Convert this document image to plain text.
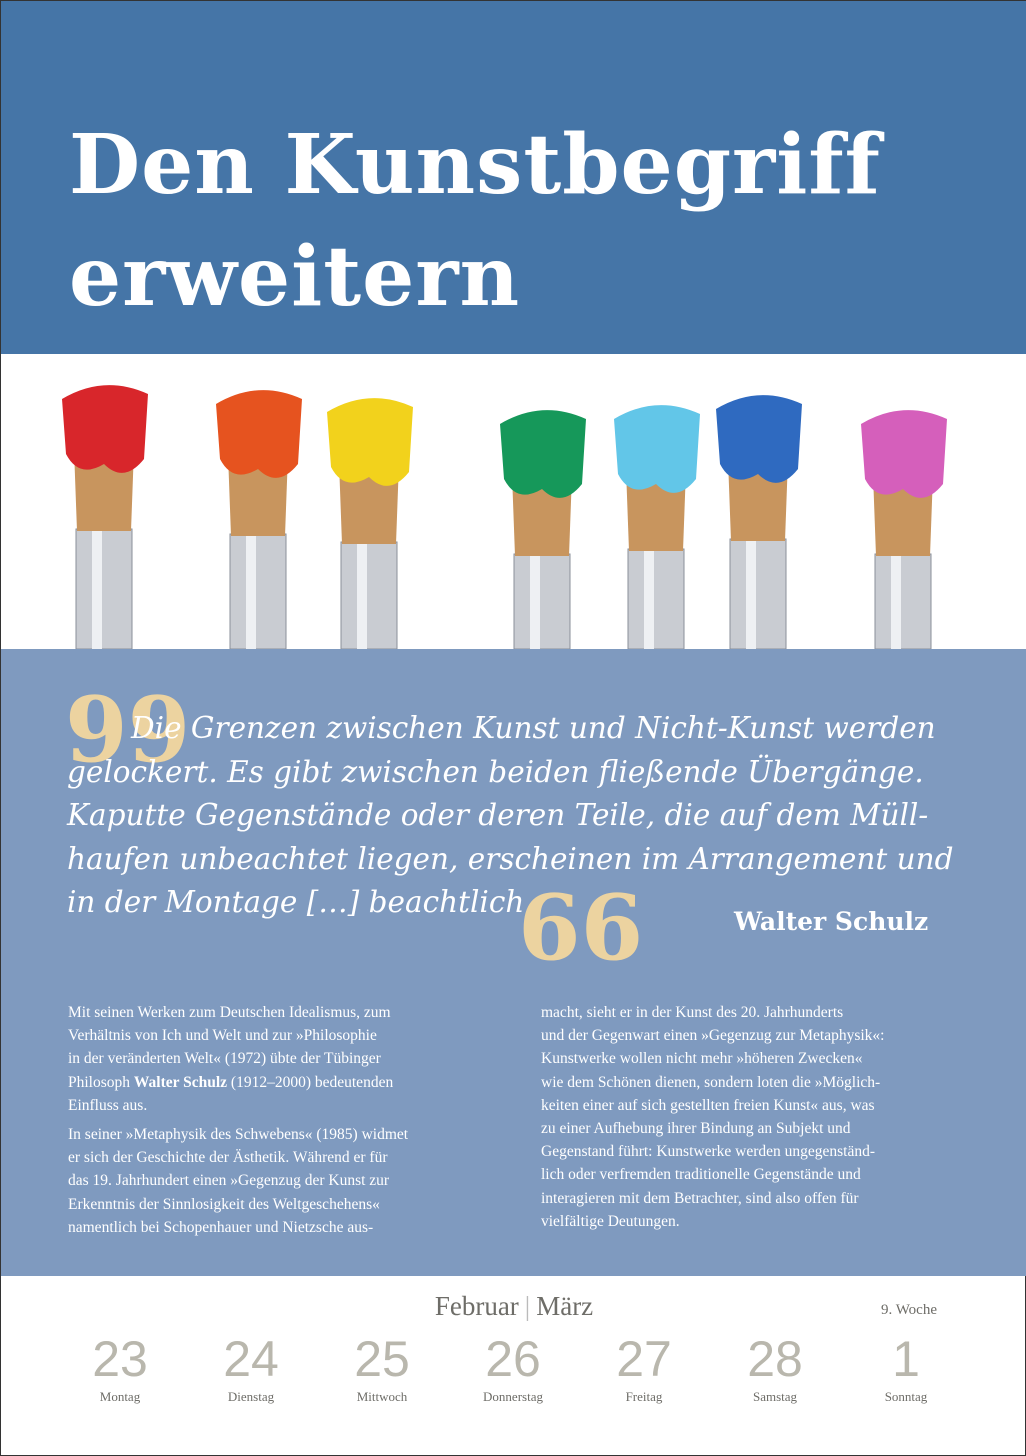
Den Kunstbegriff
erweitern
99
Die Grenzen zwischen Kunst und Nicht-Kunst werden
gelockert. Es gibt zwischen beiden fließende Übergänge.
Kaputte Gegenstände oder deren Teile, die auf dem Müll-
haufen unbeachtet liegen, erscheinen im Arrangement und
in der Montage […] beachtlich.
66	Walter Schulz

Mit seinen Werken zum Deutschen Idealismus, zum
Verhältnis von Ich und Welt und zur »Philosophie
in der veränderten Welt« (1972) übte der Tübinger
Philosoph Walter Schulz (1912–2000) bedeutenden
Einfluss aus.

In seiner »Metaphysik des Schwebens« (1985) widmet
er sich der Geschichte der Ästhetik. Während er für
das 19. Jahrhundert einen »Gegenzug der Kunst zur
Erkenntnis der Sinnlosigkeit des Weltgeschehens«
namentlich bei Schopenhauer und Nietzsche aus-

macht, sieht er in der Kunst des 20. Jahrhunderts
und der Gegenwart einen »Gegenzug zur Metaphysik«:
Kunstwerke wollen nicht mehr »höheren Zwecken«
wie dem Schönen dienen, sondern loten die »Möglich-
keiten einer auf sich gestellten freien Kunst« aus, was
zu einer Aufhebung ihrer Bindung an Subjekt und
Gegenstand führt: Kunstwerke werden ungegenständ-
lich oder verfremden traditionelle Gegenstände und
interagieren mit dem Betrachter, sind also offen für
vielfältige Deutungen.

Februar | März	9. Woche
23
Montag
24
Dienstag
25
Mittwoch
26
Donnerstag
27
Freitag
28
Samstag
1
Sonntag
